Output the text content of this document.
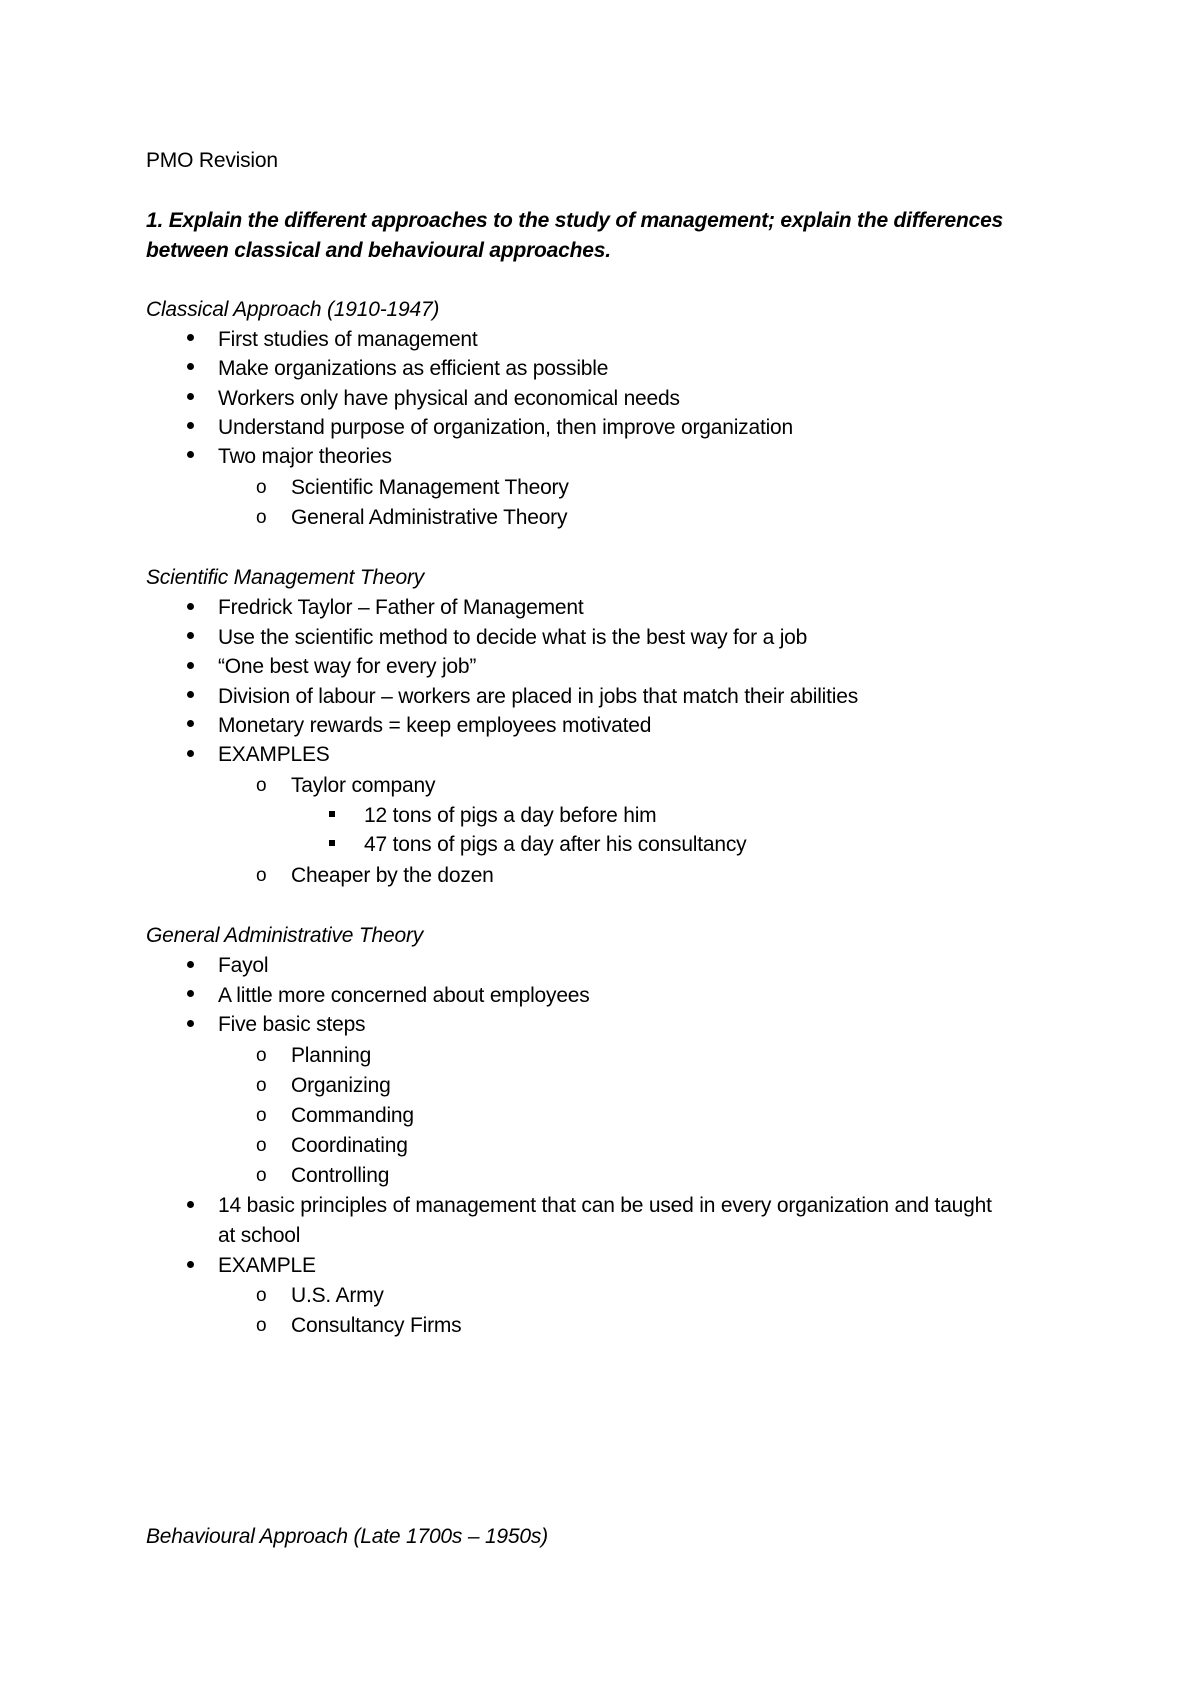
PMO Revision
1. Explain the different approaches to the study of management; explain the differences
between classical and behavioural approaches.
Classical Approach (1910-1947)
First studies of management
Make organizations as efficient as possible
Workers only have physical and economical needs
Understand purpose of organization, then improve organization
Two major theories
o Scientific Management Theory
o General Administrative Theory
Scientific Management Theory
Fredrick Taylor – Father of Management
Use the scientific method to decide what is the best way for a job
“One best way for every job”
Division of labour – workers are placed in jobs that match their abilities
Monetary rewards = keep employees motivated
EXAMPLES
o Taylor company
12 tons of pigs a day before him
47 tons of pigs a day after his consultancy
o Cheaper by the dozen
General Administrative Theory
Fayol
A little more concerned about employees
Five basic steps
o Planning
o Organizing
o Commanding
o Coordinating
o Controlling
14 basic principles of management that can be used in every organization and taught
at school
EXAMPLE
o U.S. Army
o Consultancy Firms
Behavioural Approach (Late 1700s – 1950s)
